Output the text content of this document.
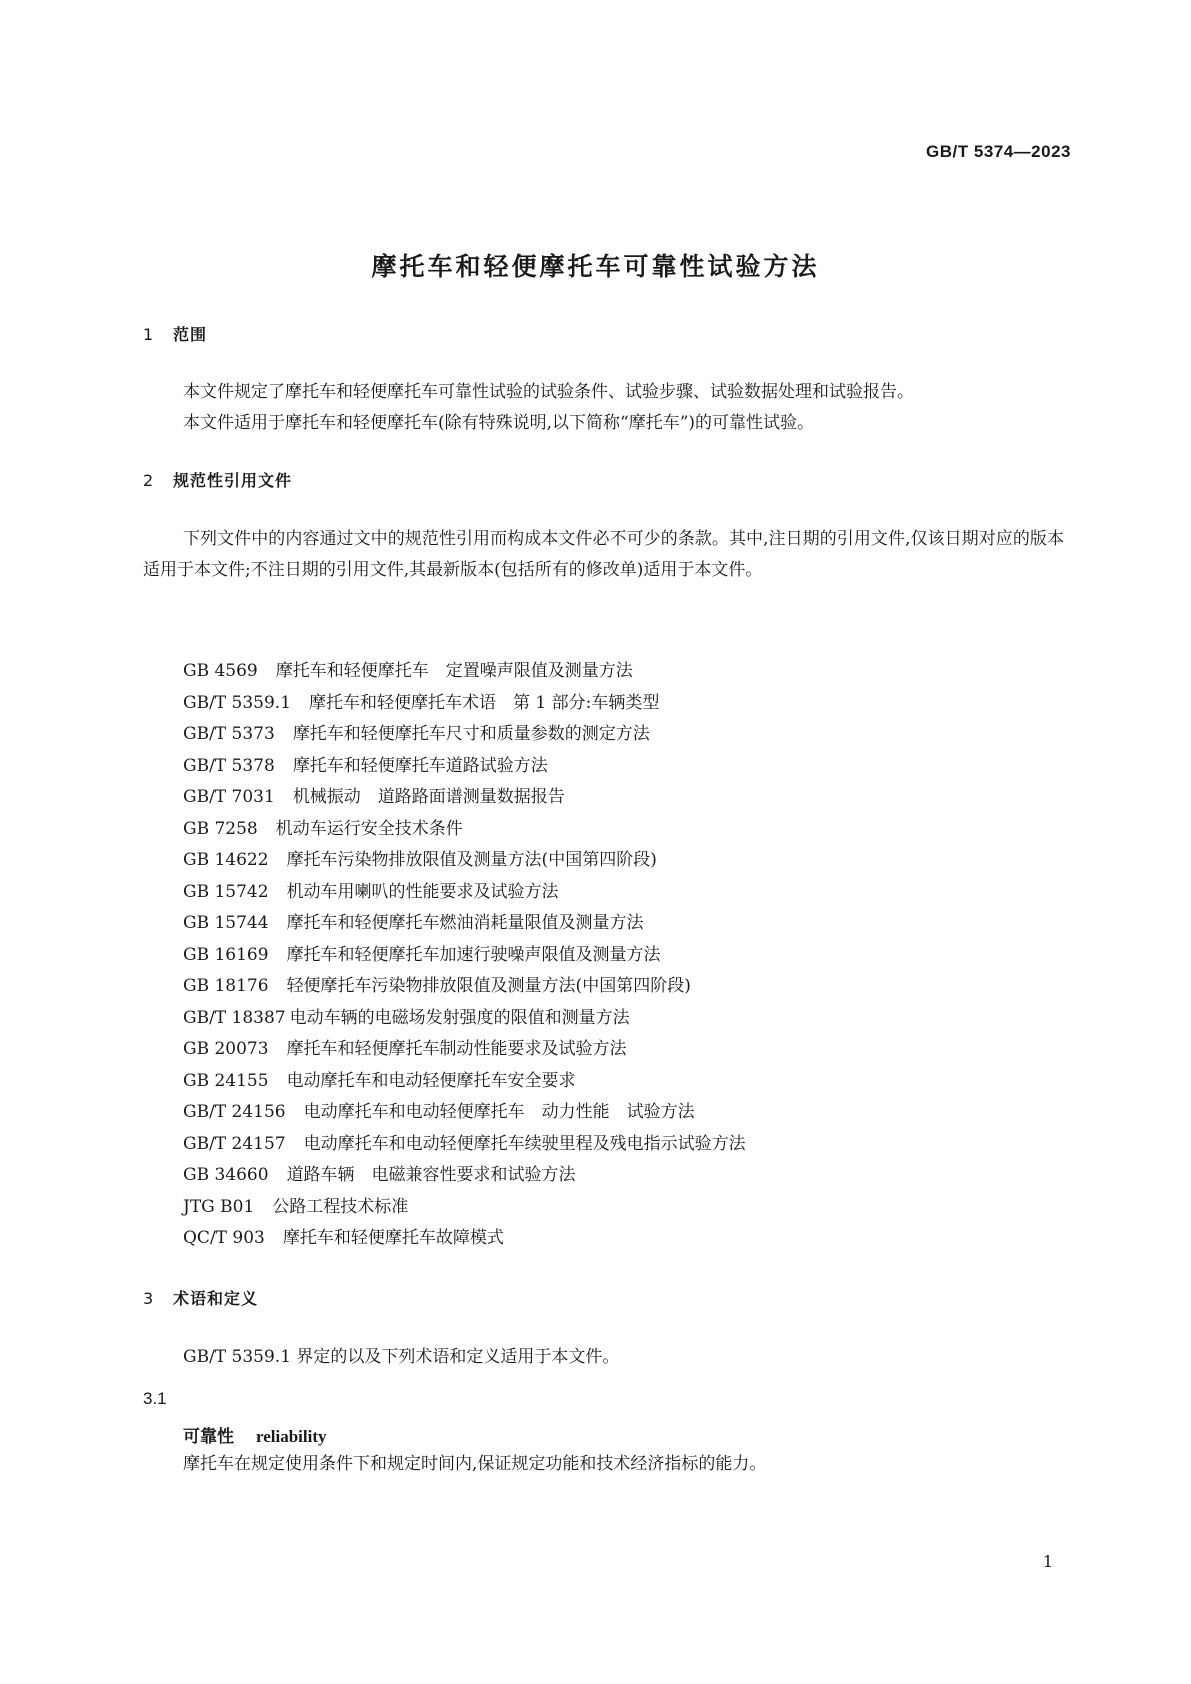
GB/T 5374—2023
摩托车和轻便摩托车可靠性试验方法
1 范围
本文件规定了摩托车和轻便摩托车可靠性试验的试验条件、试验步骤、试验数据处理和试验报告。
本文件适用于摩托车和轻便摩托车(除有特殊说明,以下简称“摩托车”)的可靠性试验。
2 规范性引用文件
下列文件中的内容通过文中的规范性引用而构成本文件必不可少的条款。其中,注日期的引用文件,仅该日期对应的版本适用于本文件;不注日期的引用文件,其最新版本(包括所有的修改单)适用于本文件。
GB 4569 摩托车和轻便摩托车　定置噪声限值及测量方法
GB/T 5359.1 摩托车和轻便摩托车术语　第 1 部分:车辆类型
GB/T 5373 摩托车和轻便摩托车尺寸和质量参数的测定方法
GB/T 5378 摩托车和轻便摩托车道路试验方法
GB/T 7031 机械振动　道路路面谱测量数据报告
GB 7258 机动车运行安全技术条件
GB 14622 摩托车污染物排放限值及测量方法(中国第四阶段)
GB 15742 机动车用喇叭的性能要求及试验方法
GB 15744 摩托车和轻便摩托车燃油消耗量限值及测量方法
GB 16169 摩托车和轻便摩托车加速行驶噪声限值及测量方法
GB 18176 轻便摩托车污染物排放限值及测量方法(中国第四阶段)
GB/T 18387 电动车辆的电磁场发射强度的限值和测量方法
GB 20073 摩托车和轻便摩托车制动性能要求及试验方法
GB 24155 电动摩托车和电动轻便摩托车安全要求
GB/T 24156 电动摩托车和电动轻便摩托车　动力性能　试验方法
GB/T 24157 电动摩托车和电动轻便摩托车续驶里程及残电指示试验方法
GB 34660 道路车辆　电磁兼容性要求和试验方法
JTG B01 公路工程技术标准
QC/T 903 摩托车和轻便摩托车故障模式
3 术语和定义
GB/T 5359.1 界定的以及下列术语和定义适用于本文件。
3.1
可靠性 reliability
摩托车在规定使用条件下和规定时间内,保证规定功能和技术经济指标的能力。
1
